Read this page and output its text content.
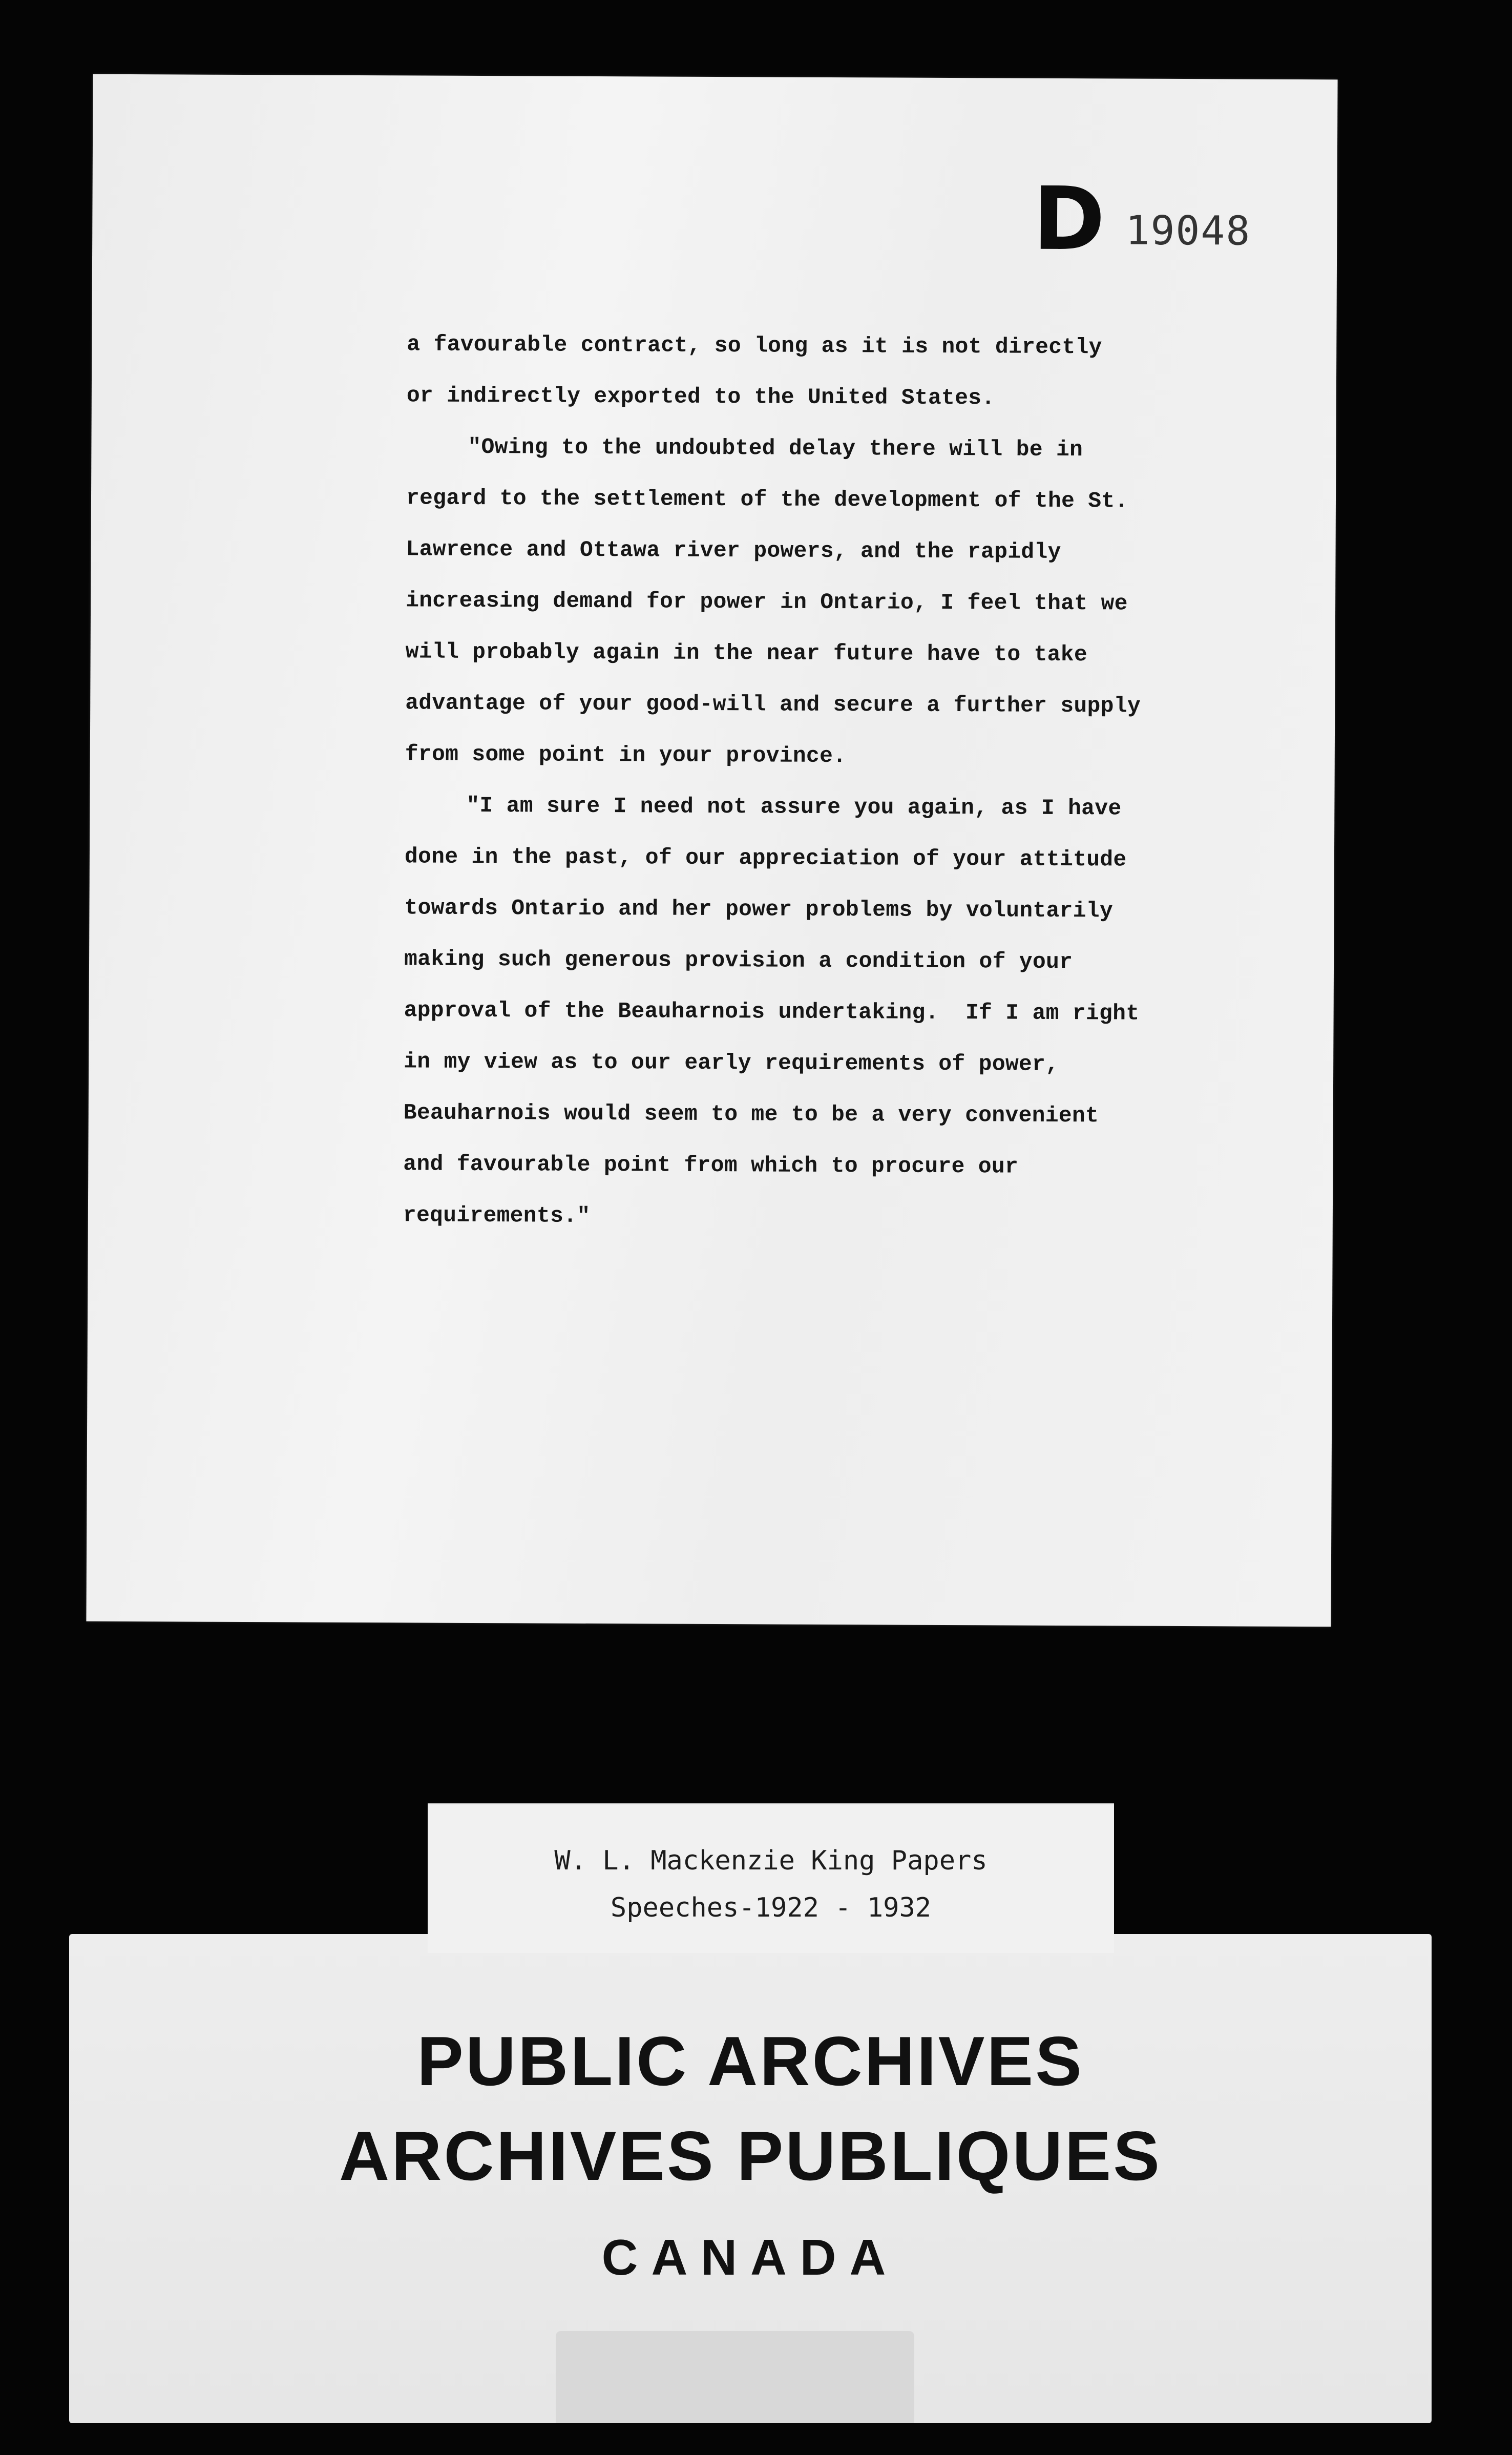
D 19048

a favourable contract, so long as it is not directly
or indirectly exported to the United States.

"Owing to the undoubted delay there will be in
regard to the settlement of the development of the St.
Lawrence and Ottawa river powers, and the rapidly
increasing demand for power in Ontario, I feel that we
will probably again in the near future have to take
advantage of your good-will and secure a further supply
from some point in your province.

"I am sure I need not assure you again, as I have
done in the past, of our appreciation of your attitude
towards Ontario and her power problems by voluntarily
making such generous provision a condition of your
approval of the Beauharnois undertaking.  If I am right
in my view as to our early requirements of power,
Beauharnois would seem to me to be a very convenient
and favourable point from which to procure our
requirements."

PUBLIC ARCHIVES
ARCHIVES PUBLIQUES
CANADA
W. L. Mackenzie King Papers
Speeches-1922 - 1932
